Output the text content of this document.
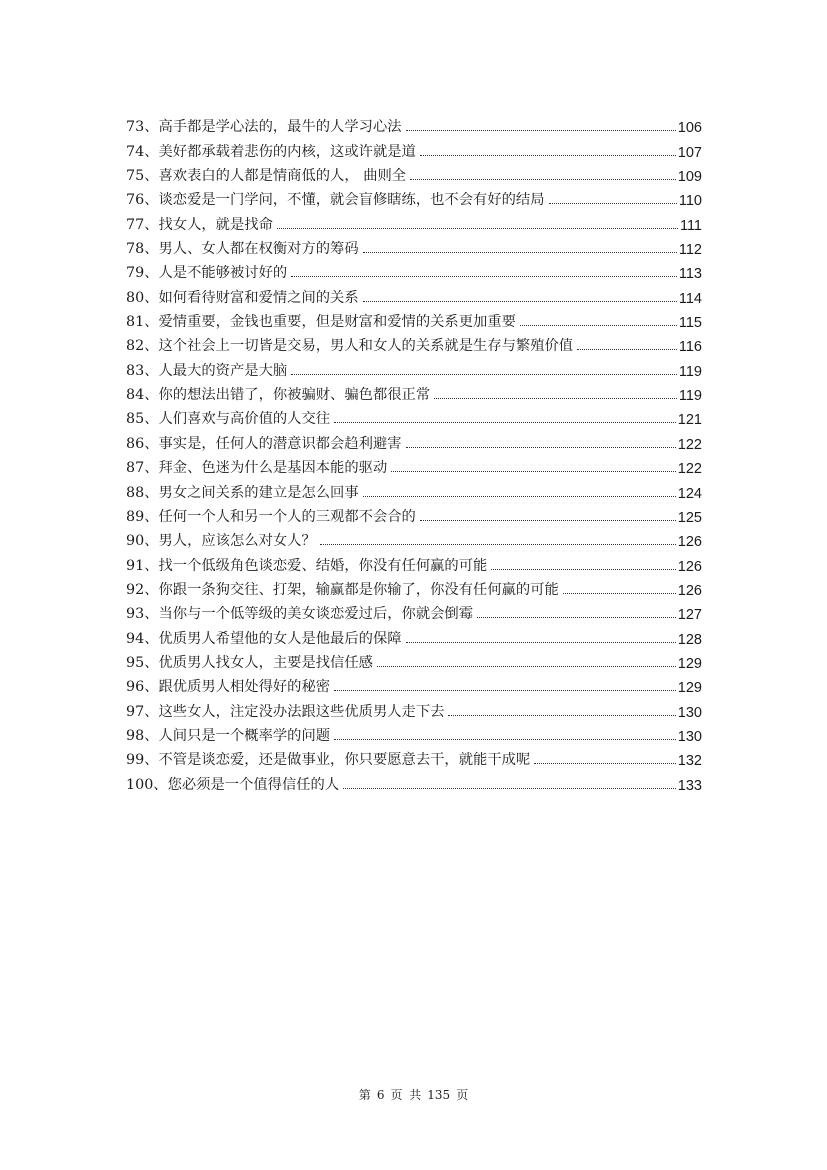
73、 高手都是学心法的，最牛的人学习心法	106
74、 美好都承载着悲伤的内核，这或许就是道	107
75、 喜欢表白的人都是情商低的人， 曲则全	109
76、 谈恋爱是一门学问，不懂，就会盲修瞎练，也不会有好的结局	110
77、 找女人，就是找命	111
78、 男人、女人都在权衡对方的筹码	112
79、 人是不能够被讨好的	113
80、 如何看待财富和爱情之间的关系	114
81、 爱情重要，金钱也重要，但是财富和爱情的关系更加重要	115
82、 这个社会上一切皆是交易，男人和女人的关系就是生存与繁殖价值	116
83、 人最大的资产是大脑	119
84、 你的想法出错了，你被骗财、骗色都很正常	119
85、 人们喜欢与高价值的人交往	121
86、 事实是，任何人的潜意识都会趋利避害	122
87、 拜金、色迷为什么是基因本能的驱动	122
88、 男女之间关系的建立是怎么回事	124
89、 任何一个人和另一个人的三观都不会合的	125
90、 男人，应该怎么对女人？	126
91、 找一个低级角色谈恋爱、结婚，你没有任何赢的可能	126
92、 你跟一条狗交往、打架，输赢都是你输了，你没有任何赢的可能	126
93、 当你与一个低等级的美女谈恋爱过后，你就会倒霉	127
94、 优质男人希望他的女人是他最后的保障	128
95、 优质男人找女人，主要是找信任感	129
96、 跟优质男人相处得好的秘密	129
97、 这些女人，注定没办法跟这些优质男人走下去	130
98、 人间只是一个概率学的问题	130
99、 不管是谈恋爱，还是做事业，你只要愿意去干，就能干成呢	132
100、 您必须是一个值得信任的人	133
第 6 页 共 135 页
